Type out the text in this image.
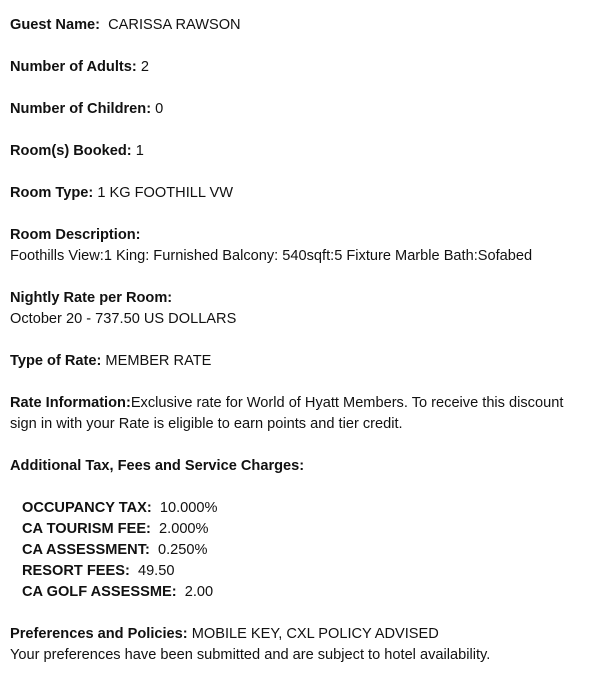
Guest Name: CARISSA RAWSON
Number of Adults: 2
Number of Children: 0
Room(s) Booked: 1
Room Type: 1 KG FOOTHILL VW
Room Description:
Foothills View:1 King: Furnished Balcony: 540sqft:5 Fixture Marble Bath:Sofabed
Nightly Rate per Room:
October 20 - 737.50 US DOLLARS
Type of Rate: MEMBER RATE
Rate Information:Exclusive rate for World of Hyatt Members. To receive this discount sign in with your Rate is eligible to earn points and tier credit.
Additional Tax, Fees and Service Charges:
OCCUPANCY TAX: 10.000%
CA TOURISM FEE: 2.000%
CA ASSESSMENT: 0.250%
RESORT FEES: 49.50
CA GOLF ASSESSME: 2.00
Preferences and Policies: MOBILE KEY, CXL POLICY ADVISED
Your preferences have been submitted and are subject to hotel availability.
